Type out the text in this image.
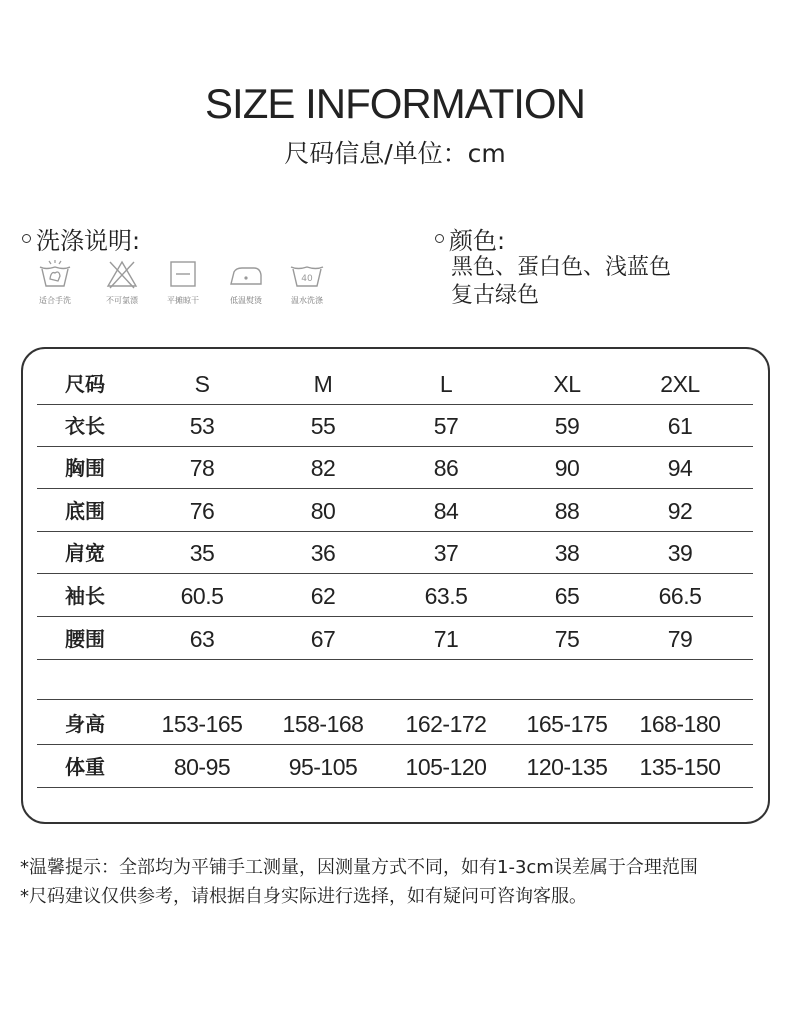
SIZE INFORMATION
尺码信息/单位：cm
洗涤说明:
适合手洗	不可氯漂	平摊晾干	低温熨烫
40
温水洗涤
颜色:
黑色、蛋白色、浅蓝色
复古绿色
尺码	S	M	L	XL	2XL
衣长	53	55	57	59	61
胸围	78	82	86	90	94
底围	76	80	84	88	92
肩宽	35	36	37	38	39
袖长	60.5	62	63.5	65	66.5
腰围	63	67	71	75	79
身高	153-165	158-168	162-172	165-175	168-180
体重	80-95	95-105	105-120	120-135	135-150
*温馨提示：全部均为平铺手工测量，因测量方式不同，如有1-3cm误差属于合理范围
*尺码建议仅供参考，请根据自身实际进行选择，如有疑问可咨询客服。
